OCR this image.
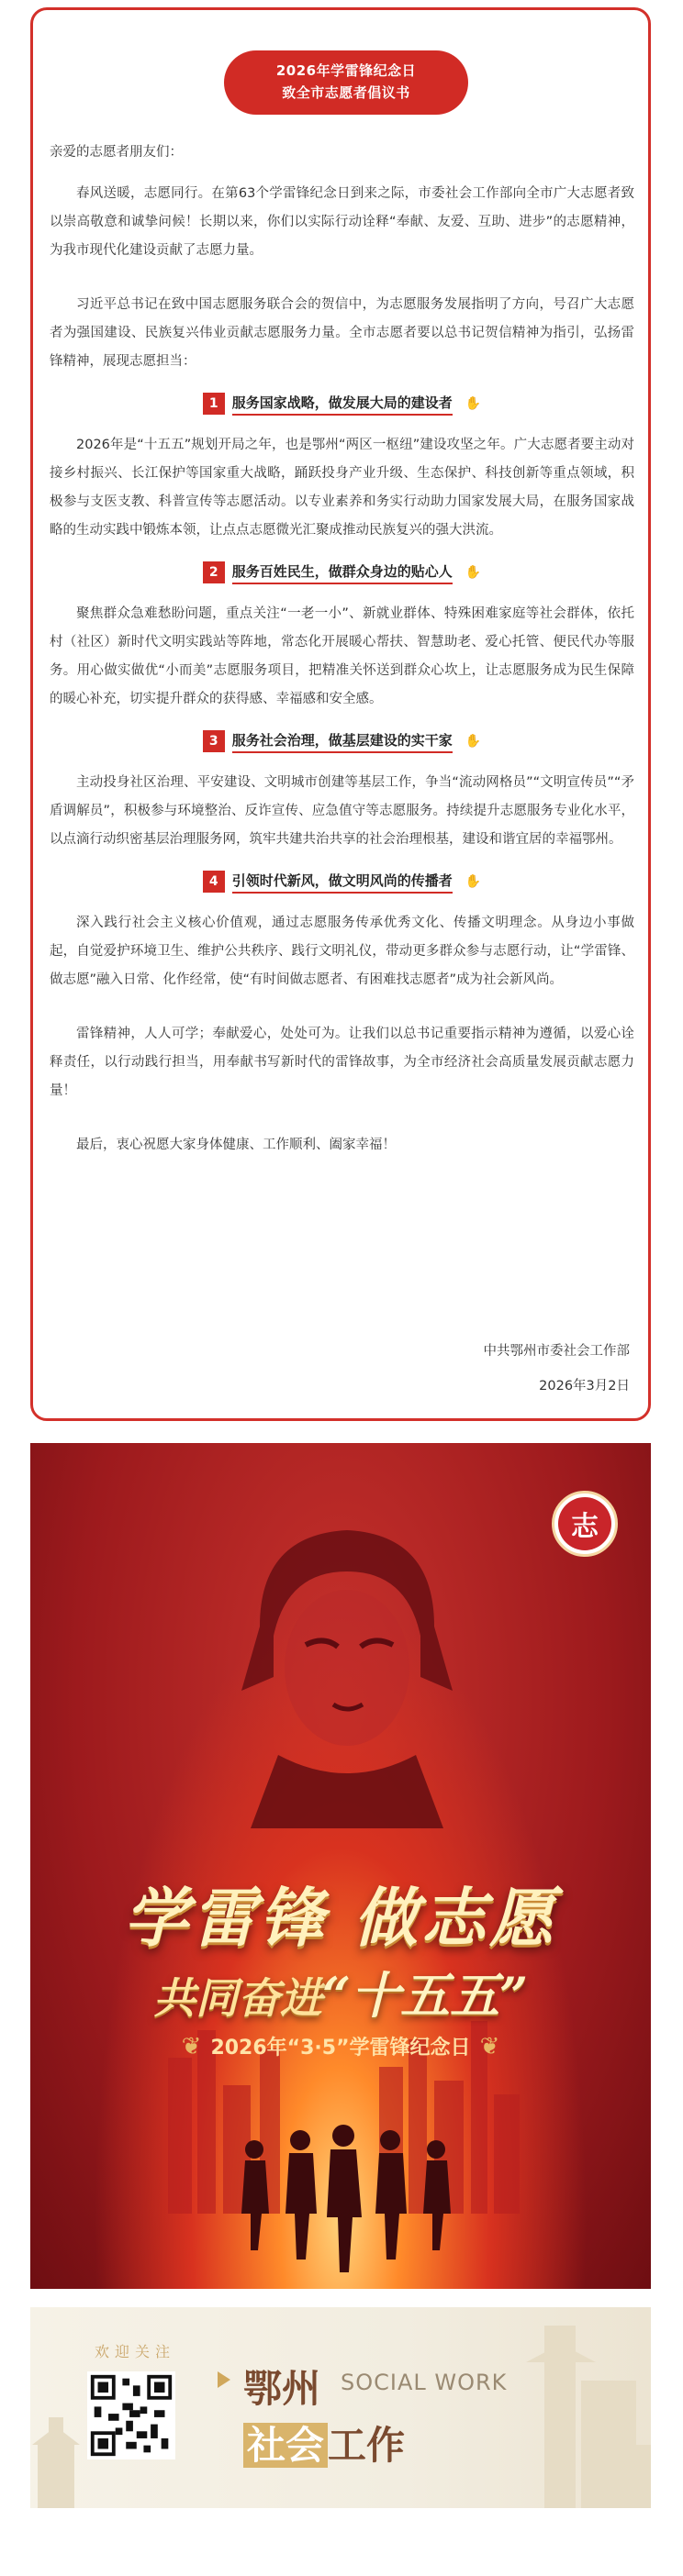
2026年学雷锋纪念日
致全市志愿者倡议书

亲爱的志愿者朋友们：

春风送暖，志愿同行。在第63个学雷锋纪念日到来之际，市委社会工作部向全市广大志愿者致以崇高敬意和诚挚问候！长期以来，你们以实际行动诠释“奉献、友爱、互助、进步”的志愿精神，为我市现代化建设贡献了志愿力量。

习近平总书记在致中国志愿服务联合会的贺信中，为志愿服务发展指明了方向，号召广大志愿者为强国建设、民族复兴伟业贡献志愿服务力量。全市志愿者要以总书记贺信精神为指引，弘扬雷锋精神，展现志愿担当：

1	服务国家战略，做发展大局的建设者 ✋

2026年是“十五五”规划开局之年，也是鄂州“两区一枢纽”建设攻坚之年。广大志愿者要主动对接乡村振兴、长江保护等国家重大战略，踊跃投身产业升级、生态保护、科技创新等重点领域，积极参与支医支教、科普宣传等志愿活动。以专业素养和务实行动助力国家发展大局，在服务国家战略的生动实践中锻炼本领，让点点志愿微光汇聚成推动民族复兴的强大洪流。

2	服务百姓民生，做群众身边的贴心人 ✋

聚焦群众急难愁盼问题，重点关注“一老一小”、新就业群体、特殊困难家庭等社会群体，依托村（社区）新时代文明实践站等阵地，常态化开展暖心帮扶、智慧助老、爱心托管、便民代办等服务。用心做实做优“小而美”志愿服务项目，把精准关怀送到群众心坎上，让志愿服务成为民生保障的暖心补充，切实提升群众的获得感、幸福感和安全感。

3	服务社会治理，做基层建设的实干家 ✋

主动投身社区治理、平安建设、文明城市创建等基层工作，争当“流动网格员”“文明宣传员”“矛盾调解员”，积极参与环境整治、反诈宣传、应急值守等志愿服务。持续提升志愿服务专业化水平，以点滴行动织密基层治理服务网，筑牢共建共治共享的社会治理根基，建设和谐宜居的幸福鄂州。

4	引领时代新风，做文明风尚的传播者 ✋

深入践行社会主义核心价值观，通过志愿服务传承优秀文化、传播文明理念。从身边小事做起，自觉爱护环境卫生、维护公共秩序、践行文明礼仪，带动更多群众参与志愿行动，让“学雷锋、做志愿”融入日常、化作经常，使“有时间做志愿者、有困难找志愿者”成为社会新风尚。

雷锋精神，人人可学；奉献爱心，处处可为。让我们以总书记重要指示精神为遵循，以爱心诠释责任，以行动践行担当，用奉献书写新时代的雷锋故事，为全市经济社会高质量发展贡献志愿力量！

最后，衷心祝愿大家身体健康、工作顺利、阖家幸福！

中共鄂州市委社会工作部
2026年3月2日
志
学雷锋 做志愿
共同奋进“十五五”
❦ 2026年“3·5”学雷锋纪念日 ❦
欢迎关注
鄂州 SOCIAL WORK
社会工作
